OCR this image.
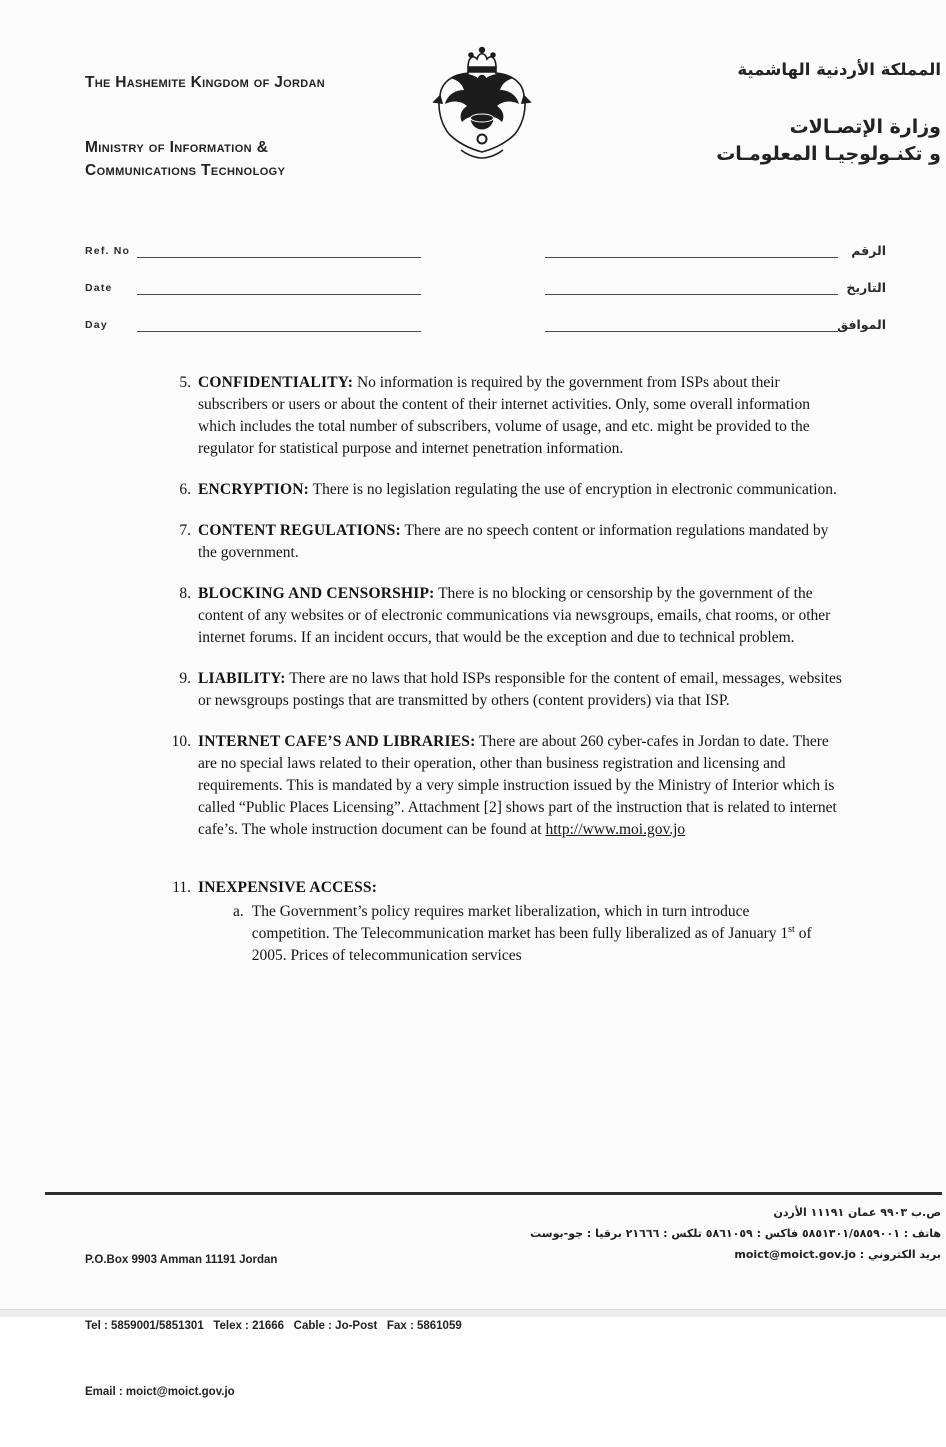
The Hashemite Kingdom of Jordan
Ministry of Information &
Communications Technology
المملكة الأردنية الهاشمية
وزارة الإتصـالات
و تكنـولوجيـا المعلومـات
Ref. No	الرقم
Date	التاريخ
Day	الموافق
5. CONFIDENTIALITY: No information is required by the government from ISPs about their subscribers or users or about the content of their internet activities. Only, some overall information which includes the total number of subscribers, volume of usage, and etc. might be provided to the regulator for statistical purpose and internet penetration information.
6. ENCRYPTION: There is no legislation regulating the use of encryption in electronic communication.
7. CONTENT REGULATIONS: There are no speech content or information regulations mandated by the government.
8. BLOCKING AND CENSORSHIP: There is no blocking or censorship by the government of the content of any websites or of electronic communications via newsgroups, emails, chat rooms, or other internet forums. If an incident occurs, that would be the exception and due to technical problem.
9. LIABILITY: There are no laws that hold ISPs responsible for the content of email, messages, websites or newsgroups postings that are transmitted by others (content providers) via that ISP.
10. INTERNET CAFE’S AND LIBRARIES: There are about 260 cyber-cafes in Jordan to date. There are no special laws related to their operation, other than business registration and licensing and requirements. This is mandated by a very simple instruction issued by the Ministry of Interior which is called “Public Places Licensing”. Attachment [2] shows part of the instruction that is related to internet cafe’s. The whole instruction document can be found at http://www.moi.gov.jo
11. INEXPENSIVE ACCESS:
a. The Government’s policy requires market liberalization, which in turn introduce competition. The Telecommunication market has been fully liberalized as of January 1st of 2005. Prices of telecommunication services

P.O.Box 9903 Amman 11191 Jordan

Tel : 5859001/5851301   Telex : 21666   Cable : Jo-Post   Fax : 5861059

Email : moict@moict.gov.jo

ص.ب ٩٩٠٣ عمان ١١١٩١ الأردن
هاتف : ٥٨٥١٣٠١/٥٨٥٩٠٠١ فاكس : ٥٨٦١٠٥٩ تلكس : ٢١٦٦٦ برقيا : جو-بوست
بريد الكتروني : moict@moict.gov.jo
